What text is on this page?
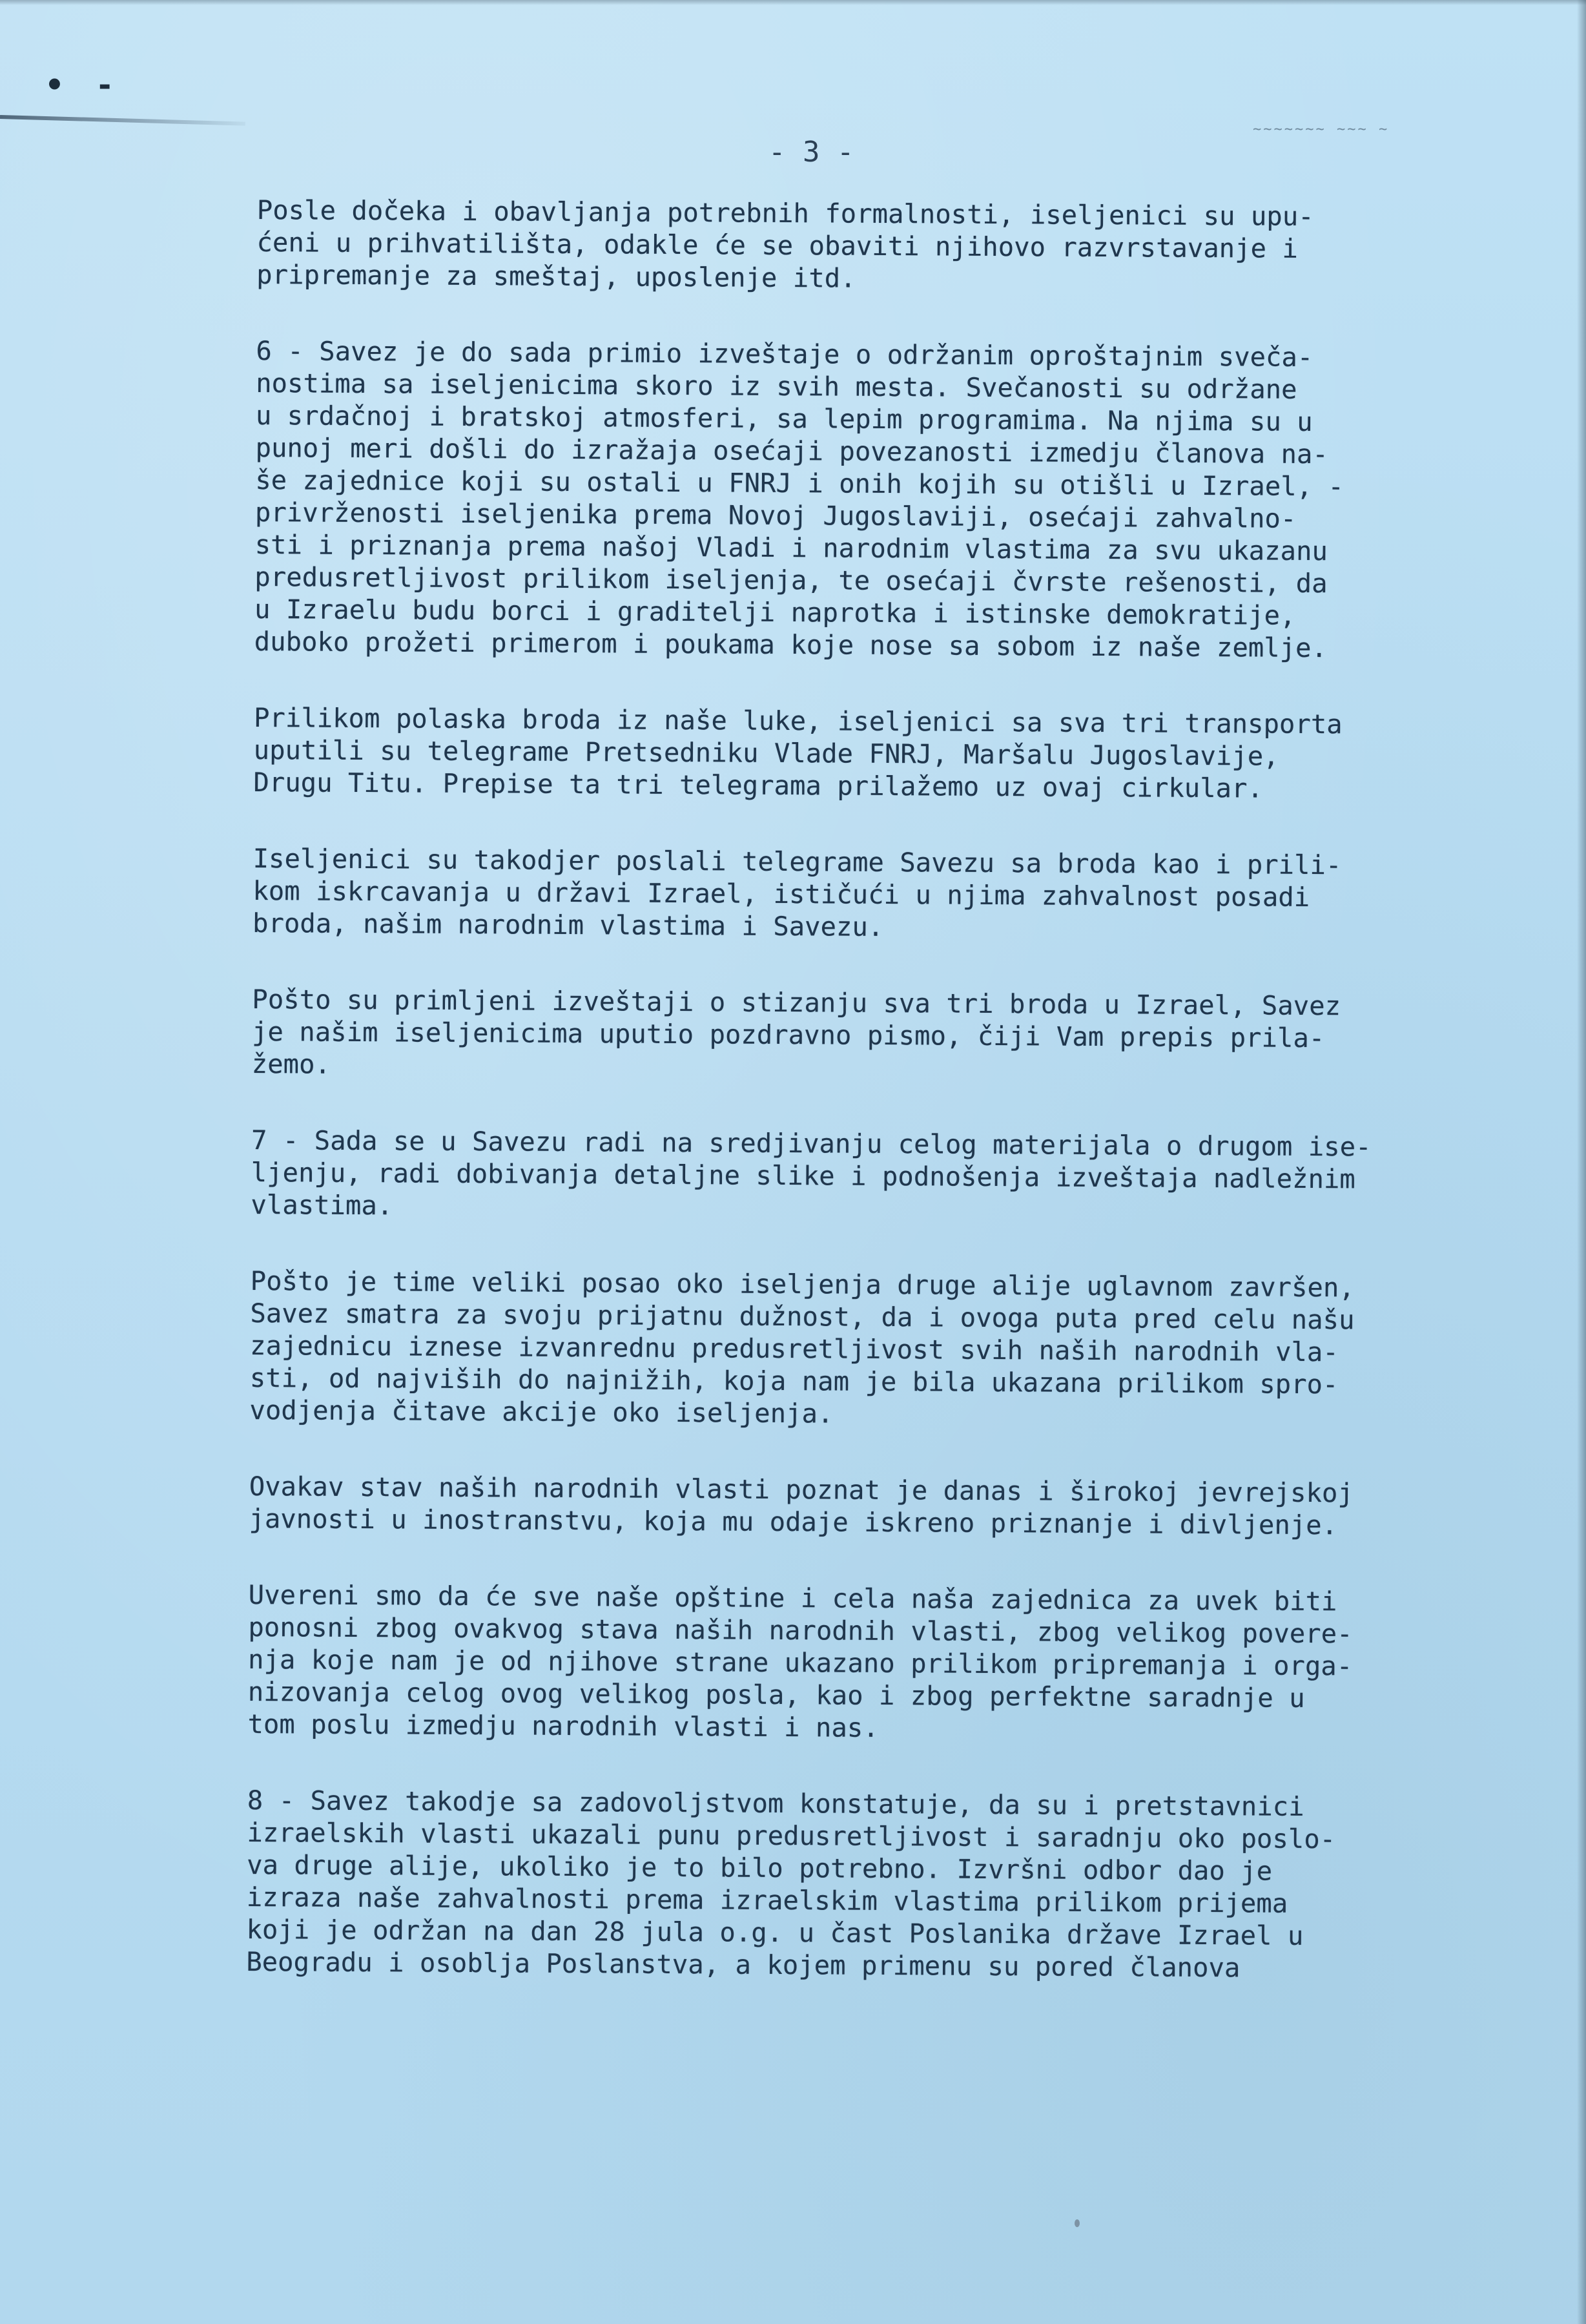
• -
~~~~~~~ ~~~ ~
- 3 -
Posle dočeka i obavljanja potrebnih formalnosti, iseljenici su upu-
ćeni u prihvatilišta, odakle će se obaviti njihovo razvrstavanje i
pripremanje za smeštaj, uposlenje itd.
6 - Savez je do sada primio izveštaje o održanim oproštajnim sveča-
nostima sa iseljenicima skoro iz svih mesta. Svečanosti su održane
u srdačnoj i bratskoj atmosferi, sa lepim programima. Na njima su u
punoj meri došli do izražaja osećaji povezanosti izmedju članova na-
še zajednice koji su ostali u FNRJ i onih kojih su otišli u Izrael, -
privrženosti iseljenika prema Novoj Jugoslaviji, osećaji zahvalno-
sti i priznanja prema našoj Vladi i narodnim vlastima za svu ukazanu
predusretljivost prilikom iseljenja, te osećaji čvrste rešenosti, da
u Izraelu budu borci i graditelji naprotka i istinske demokratije,
duboko prožeti primerom i poukama koje nose sa sobom iz naše zemlje.
Prilikom polaska broda iz naše luke, iseljenici sa sva tri transporta
uputili su telegrame Pretsedniku Vlade FNRJ, Maršalu Jugoslavije,
Drugu Titu. Prepise ta tri telegrama prilažemo uz ovaj cirkular.
Iseljenici su takodjer poslali telegrame Savezu sa broda kao i prili-
kom iskrcavanja u državi Izrael, ističući u njima zahvalnost posadi
broda, našim narodnim vlastima i Savezu.
Pošto su primljeni izveštaji o stizanju sva tri broda u Izrael, Savez
je našim iseljenicima uputio pozdravno pismo, čiji Vam prepis prila-
žemo.
7 - Sada se u Savezu radi na sredjivanju celog materijala o drugom ise-
ljenju, radi dobivanja detaljne slike i podnošenja izveštaja nadležnim
vlastima.
Pošto je time veliki posao oko iseljenja druge alije uglavnom završen,
Savez smatra za svoju prijatnu dužnost, da i ovoga puta pred celu našu
zajednicu iznese izvanrednu predusretljivost svih naših narodnih vla-
sti, od najviših do najnižih, koja nam je bila ukazana prilikom spro-
vodjenja čitave akcije oko iseljenja.
Ovakav stav naših narodnih vlasti poznat je danas i širokoj jevrejskoj
javnosti u inostranstvu, koja mu odaje iskreno priznanje i divljenje.
Uvereni smo da će sve naše opštine i cela naša zajednica za uvek biti
ponosni zbog ovakvog stava naših narodnih vlasti, zbog velikog povere-
nja koje nam je od njihove strane ukazano prilikom pripremanja i orga-
nizovanja celog ovog velikog posla, kao i zbog perfektne saradnje u
tom poslu izmedju narodnih vlasti i nas.
8 - Savez takodje sa zadovoljstvom konstatuje, da su i pretstavnici
izraelskih vlasti ukazali punu predusretljivost i saradnju oko poslo-
va druge alije, ukoliko je to bilo potrebno. Izvršni odbor dao je
izraza naše zahvalnosti prema izraelskim vlastima prilikom prijema
koji je održan na dan 28 jula o.g. u čast Poslanika države Izrael u
Beogradu i osoblja Poslanstva, a kojem primenu su pored članova
